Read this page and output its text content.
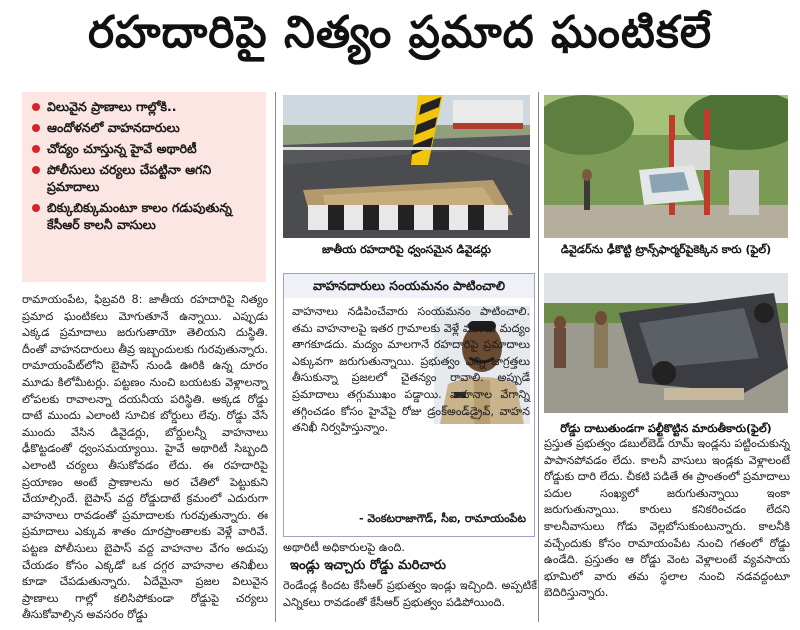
రహదారిపై నిత్యం ప్రమాద ఘంటికలే
విలువైన ప్రాణాలు గాల్లోకి..
ఆందోళనలో వాహనదారులు
చోద్యం చూస్తున్న హైవే అథారిటీ
పోలీసులు చర్యలు చేపట్టినా ఆగని ప్రమాదాలు
బిక్కుబిక్కుమంటూ కాలం గడుపుతున్న కేసీఆర్ కాలనీ వాసులు
జాతీయ రహదారిపై ధ్వంసమైన డివైడర్లు	డివైడర్‌ను ఢీకొట్టి ట్రాన్స్‌ఫార్మర్‌పైకెక్కిన కారు (ఫైల్)
రోడ్డు దాటుతుండగా పల్టీకొట్టిన మారుతీకారు(ఫైల్)

రామాయంపేట, ఫిబ్రవరి 8: జాతీయ రహదారిపై నిత్యం ప్రమాద ఘంటికలు మోగుతూనే ఉన్నాయి. ఎప్పుడు ఎక్కడ ప్రమాదాలు జరుగుతాయో తెలియని దుస్థితి. దీంతో వాహనదారులు తీవ్ర ఇబ్బందులకు గురవుతున్నారు. రామాయంపేట్‌లోని బైపాస్ నుండి ఊరికి ఉన్న దూరం మూడు కిలోమీటర్లు. పట్టణం నుంచి బయటకు వెళ్లాలన్నా లోపలకు రావాలన్నా దయనీయ పరిస్థితి. అక్కడ రోడ్డు దాటే ముందు ఎలాంటి సూచిక బోర్డులు లేవు. రోడ్డు వేసే ముందు వేసిన డివైడర్లు, బోర్డులన్నీ వాహనాలు ఢీకొట్టడంతో ధ్వంసమయ్యాయి. హైవే అథారిటీ సిబ్బంది ఎలాంటి చర్యలు తీసుకోవడం లేదు. ఈ రహదారిపై ప్రయాణం అంటే ప్రాణాలను అర చేతిలో పెట్టుకుని చేయాల్సిందే. బైపాస్ వద్ద రోడ్డుదాటే క్రమంలో ఎదురుగా వాహనాలు రావడంతో ప్రమాదాలకు గురవుతున్నారు. ఈ ప్రమాదాలు ఎక్కువ శాతం దూరప్రాంతాలకు వెళ్లే వారివే. పట్టణ పోలీసులు బైపాస్ వద్ద వాహనాల వేగం అదుపు చేయడం కోసం ఎక్కడో ఒక దగ్గర వాహనాల తనిఖీలు కూడా చేపడుతున్నారు. ఏదేమైనా ప్రజల విలువైన ప్రాణాలు గాల్లో కలిసిపోకుండా రోడ్డుపై చర్యలు తీసుకోవాల్సిన అవసరం రోడ్డు

వాహనదారులు సంయమనం పాటించాలి

వాహనాలు నడిపించేవారు సంయమనం పాటించాలి. తమ వాహనాలపై ఇతర గ్రామాలకు వెళ్లే ముందు మద్యం తాగకూడదు. మద్యం మాలగానే రహదారిపై ప్రమాదాలు ఎక్కువగా జరుగుతున్నాయి. ప్రభుత్వం ఎన్ని జాగ్రత్తలు తీసుకున్నా ప్రజలలో చైతన్యం రావాలి. అప్పుడే ప్రమాదాలు తగ్గుముఖం పడ్డాయి. వాహనాల వేగాన్ని తగ్గించడం కోసం హైవేపై రోజు డ్రంక్అండ్‌డ్రైవ్, వాహన తనిఖీ నిర్వహిస్తున్నాం.

- వెంకటరాజాగౌడ్, సీఐ, రామాయంపేట
అథారిటీ అధికారులపై ఉంది.
ఇండ్లు ఇచ్చారు రోడ్డు మరిచారు

రెండేండ్ల కిందట కేసీఆర్ ప్రభుత్వం ఇండ్లు ఇచ్చింది. అప్పటికే ఎన్నికలు రావడంతో కేసీఆర్ ప్రభుత్వం పడిపోయింది.

ప్రస్తుత ప్రభుత్వం డబుల్‌బెడ్ రూమ్ ఇండ్లను పట్టించుకున్న పాపానపోవడం లేదు. కాలనీ వాసులు ఇండ్లకు వెళ్లాలంటే రోడ్డుకు దారి లేదు. చీకటి పడితే ఈ ప్రాంతంలో ప్రమాదాలు పదుల సంఖ్యలో జరుగుతున్నాయి ఇంకా జరుగుతున్నాయి. కారులు కనికరించడం లేదని కాలనీవాసులు గోడు వెల్లబోసుకుంటున్నారు. కాలనీకి వచ్చేందుకు కోసం రామాయంపేట నుంచి గతంలో రోడ్డు ఉండేది. ప్రస్తుతం ఆ రోడ్డు వెంట వెళ్లాలంటే వ్యవసాయ భూమిలో వారు తమ స్థలాల నుంచి నడవద్దంటూ బెదిరిస్తున్నారు.
